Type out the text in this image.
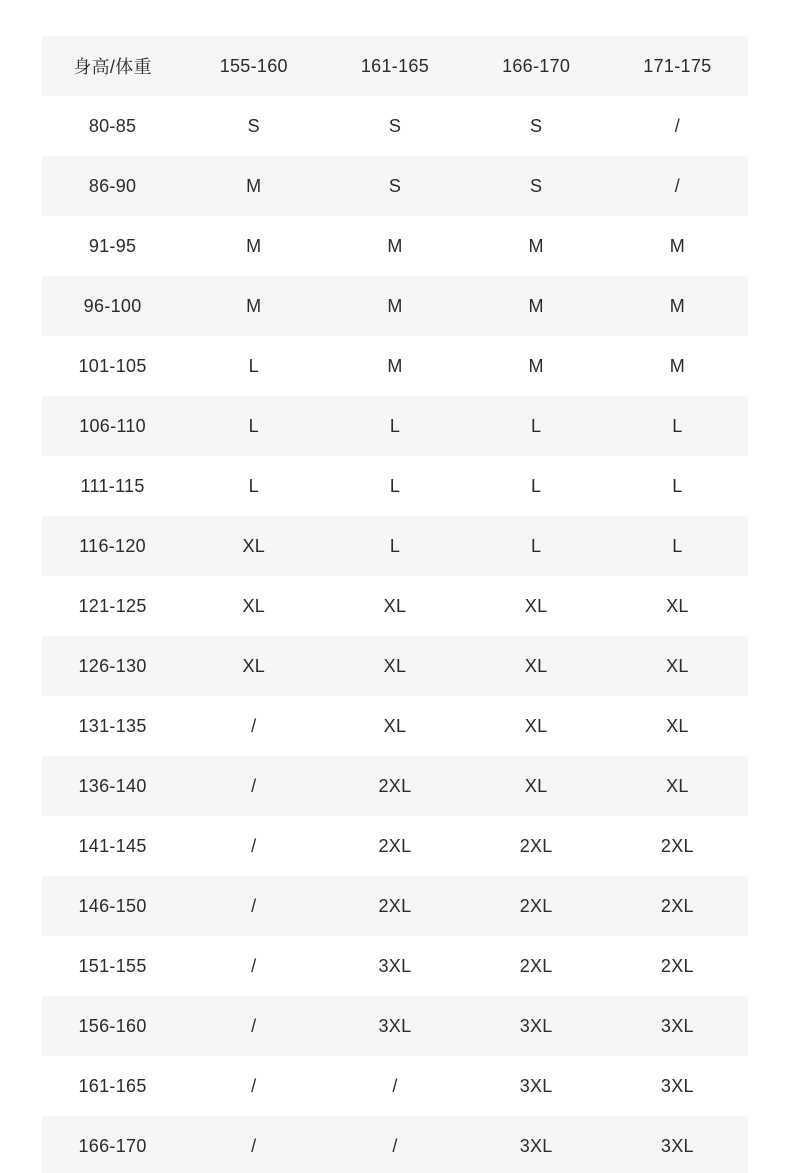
身高/体重	155-160	161-165	166-170	171-175
80-85	S	S	S	/
86-90	M	S	S	/
91-95	M	M	M	M
96-100	M	M	M	M
101-105	L	M	M	M
106-110	L	L	L	L
111-115	L	L	L	L
116-120	XL	L	L	L
121-125	XL	XL	XL	XL
126-130	XL	XL	XL	XL
131-135	/	XL	XL	XL
136-140	/	2XL	XL	XL
141-145	/	2XL	2XL	2XL
146-150	/	2XL	2XL	2XL
151-155	/	3XL	2XL	2XL
156-160	/	3XL	3XL	3XL
161-165	/	/	3XL	3XL
166-170	/	/	3XL	3XL
